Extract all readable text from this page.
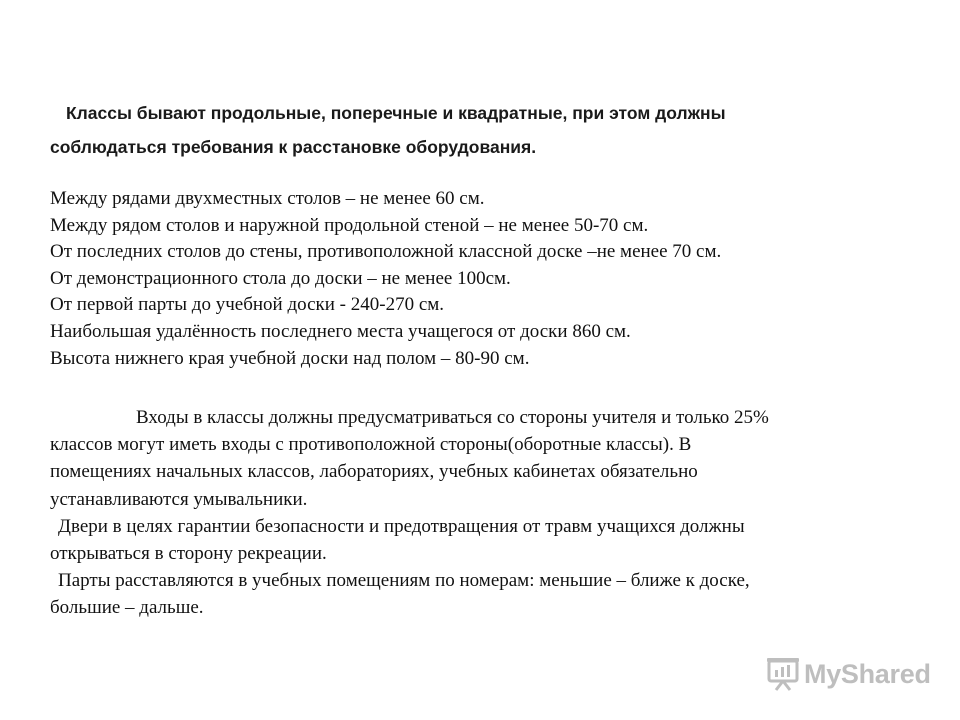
Классы бывают продольные, поперечные и квадратные, при этом должны
соблюдаться требования к расстановке оборудования.
Между рядами двухместных столов – не менее 60 см.
Между рядом столов и наружной продольной стеной – не менее 50-70 см.
От последних столов до стены, противоположной классной доске –не менее 70 см.
От демонстрационного стола до доски – не менее 100см.
От первой парты до учебной доски - 240-270 см.
Наибольшая удалённость последнего места учащегося от доски 860 см.
Высота нижнего края учебной доски над полом – 80-90 см.
Входы в классы должны предусматриваться со стороны учителя и только 25%
классов могут иметь входы с противоположной стороны(оборотные классы). В
помещениях начальных классов, лабораториях, учебных кабинетах обязательно
устанавливаются умывальники.
Двери в целях гарантии безопасности и предотвращения от травм учащихся должны
открываться в сторону рекреации.
Парты расставляются в учебных помещениям по номерам: меньшие – ближе к доске,
большие – дальше.
MyShared
